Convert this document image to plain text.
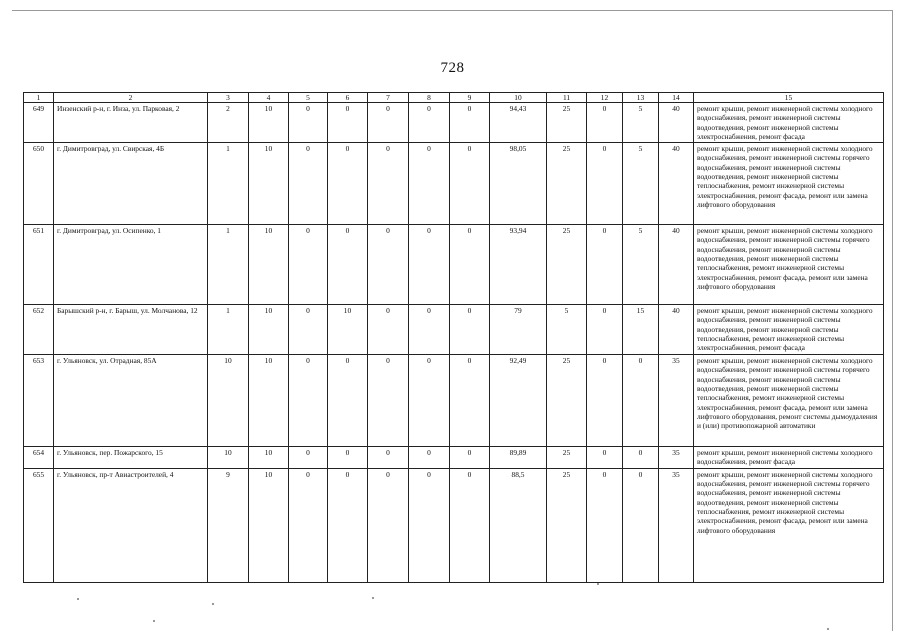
728
1	2	3	4	5	6	7	8	9	10	11	12	13	14	15
649	Инзенский р-н, г. Инза, ул. Парковая, 2	2	10	0	0	0	0	0	94,43	25	0	5	40	ремонт крыши, ремонт инженерной системы холодного водоснабжения, ремонт инженерной системы водоотведения, ремонт инженерной системы электроснабжения, ремонт фасада
650	г. Димитровград, ул. Свирская, 4Б	1	10	0	0	0	0	0	98,05	25	0	5	40	ремонт крыши, ремонт инженерной системы холодного водоснабжения, ремонт инженерной системы горячего водоснабжения, ремонт инженерной системы водоотведения, ремонт инженерной системы теплоснабжения, ремонт инженерной системы электроснабжения, ремонт фасада, ремонт или замена лифтового оборудования
651	г. Димитровград, ул. Осипенко, 1	1	10	0	0	0	0	0	93,94	25	0	5	40	ремонт крыши, ремонт инженерной системы холодного водоснабжения, ремонт инженерной системы горячего водоснабжения, ремонт инженерной системы водоотведения, ремонт инженерной системы теплоснабжения, ремонт инженерной системы электроснабжения, ремонт фасада, ремонт или замена лифтового оборудования
652	Барышский р-н, г. Барыш, ул. Молчанова, 12	1	10	0	10	0	0	0	79	5	0	15	40	ремонт крыши, ремонт инженерной системы холодного водоснабжения, ремонт инженерной системы водоотведения, ремонт инженерной системы теплоснабжения, ремонт инженерной системы электроснабжения, ремонт фасада
653	г. Ульяновск, ул. Отрадная, 85А	10	10	0	0	0	0	0	92,49	25	0	0	35	ремонт крыши, ремонт инженерной системы холодного водоснабжения, ремонт инженерной системы горячего водоснабжения, ремонт инженерной системы водоотведения, ремонт инженерной системы теплоснабжения, ремонт инженерной системы электроснабжения, ремонт фасада, ремонт или замена лифтового оборудования, ремонт системы дымоудаления и (или) противопожарной автоматики
654	г. Ульяновск, пер. Пожарского, 15	10	10	0	0	0	0	0	89,89	25	0	0	35	ремонт крыши, ремонт инженерной системы холодного водоснабжения, ремонт фасада
655	г. Ульяновск, пр-т Авиастроителей, 4	9	10	0	0	0	0	0	88,5	25	0	0	35	ремонт крыши, ремонт инженерной системы холодного водоснабжения, ремонт инженерной системы горячего водоснабжения, ремонт инженерной системы водоотведения, ремонт инженерной системы теплоснабжения, ремонт инженерной системы электроснабжения, ремонт фасада, ремонт или замена лифтового оборудования
